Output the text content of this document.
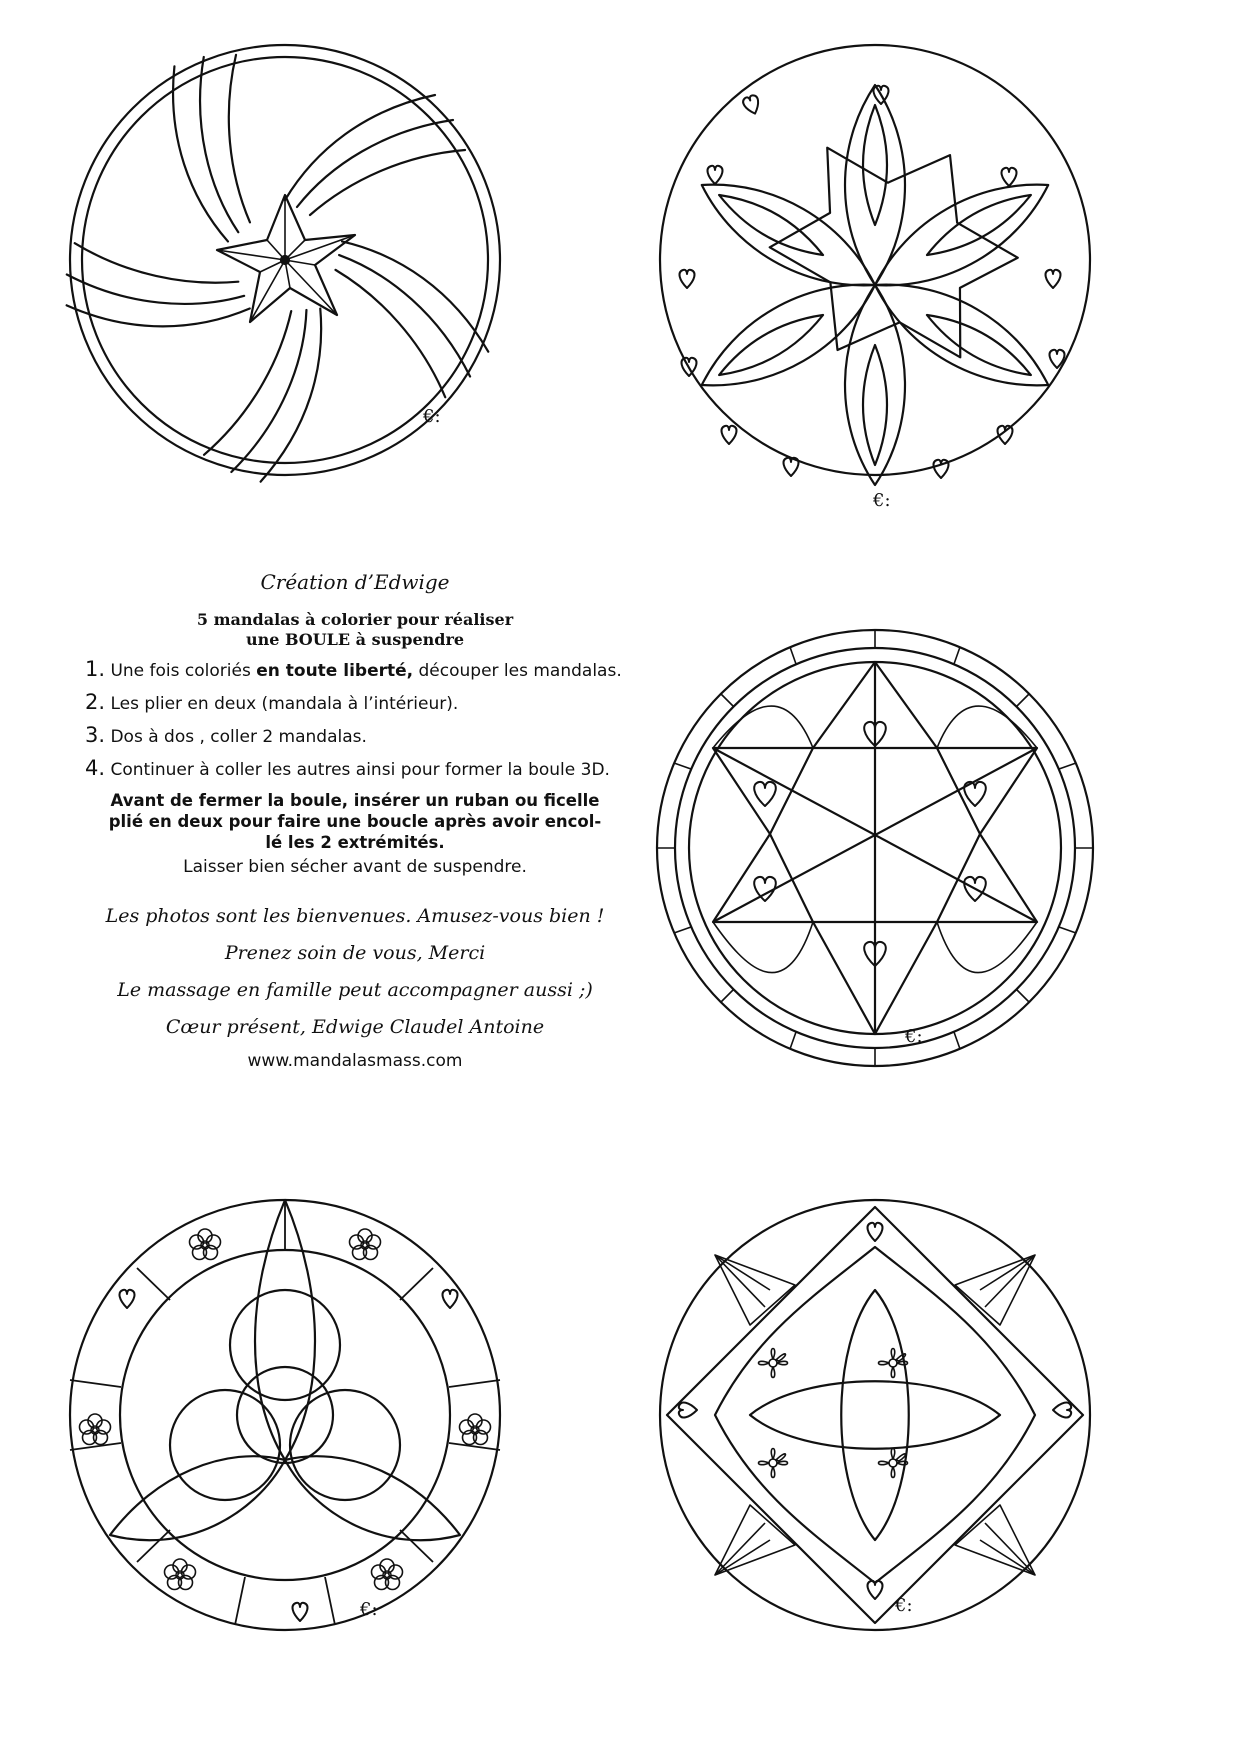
€:
€:
€:
€:	€:

Création d’Edwige

5 mandalas à colorier pour réaliser
une BOULE à suspendre

1. Une fois coloriés en toute liberté, découper les mandalas.

2. Les plier en deux (mandala à l’intérieur).

3. Dos à dos , coller 2 mandalas.

4. Continuer à coller les autres ainsi pour former la boule 3D.

Avant de fermer la boule, insérer un ruban ou ficelle
plié en deux pour faire une boucle après avoir encol-
lé les 2 extrémités.

Laisser bien sécher avant de suspendre.

Les photos sont les bienvenues. Amusez-vous bien !

Prenez soin de vous, Merci

Le massage en famille peut accompagner aussi ;)

Cœur présent, Edwige Claudel Antoine

www.mandalasmass.com
